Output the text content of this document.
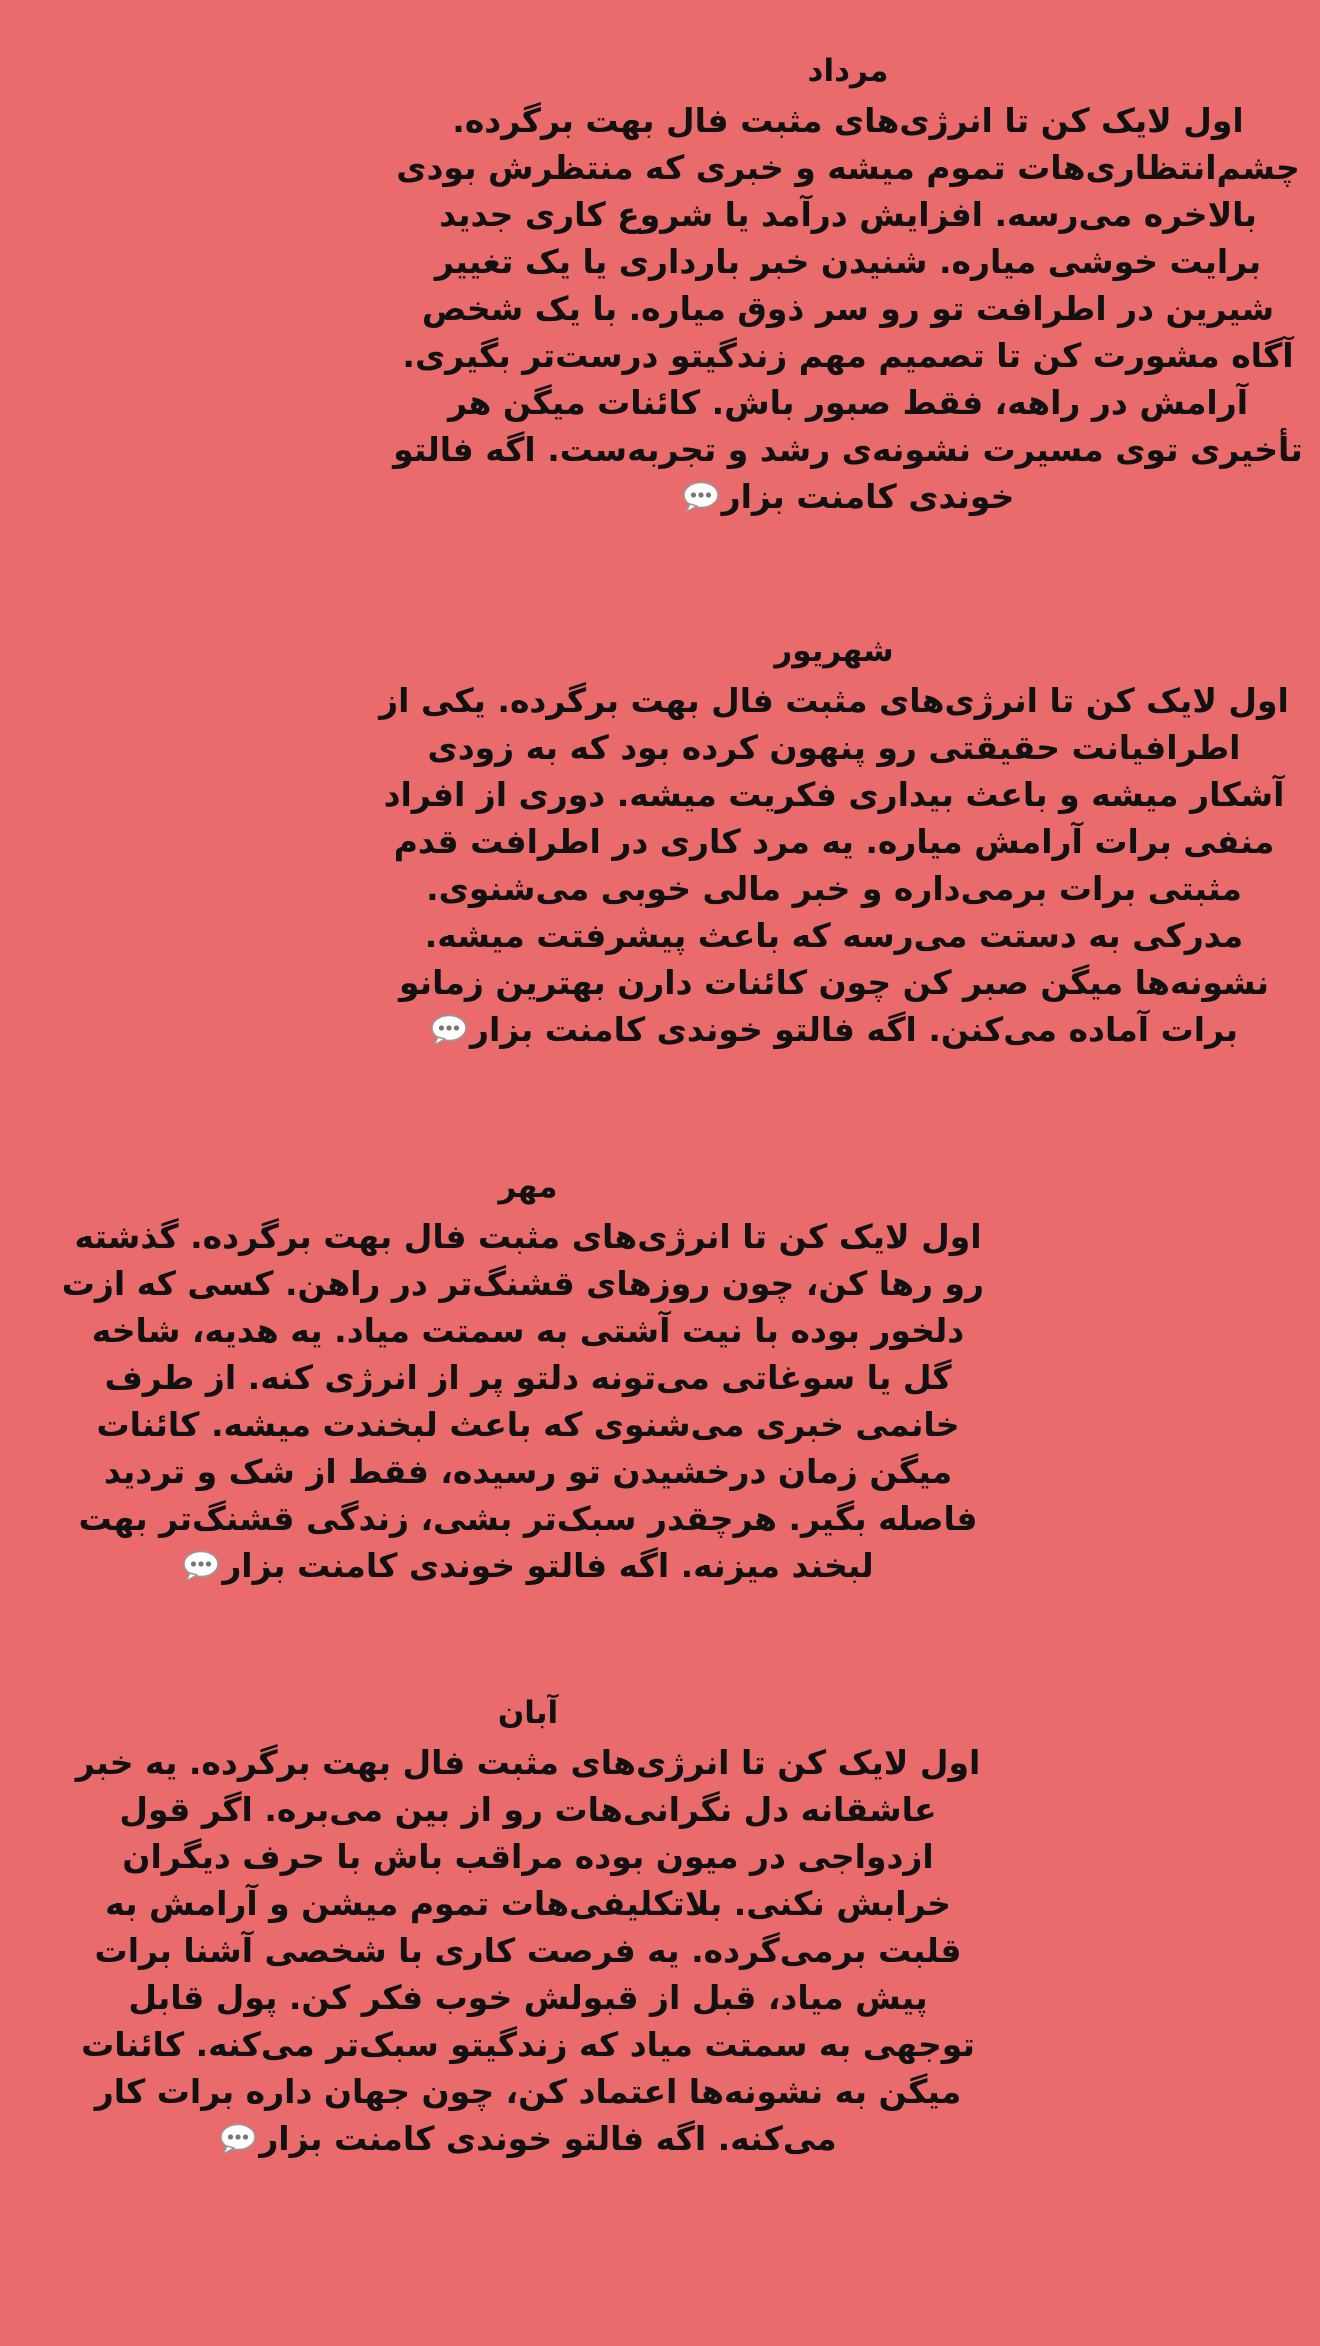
مرداد

اول لایک کن تا انرژی‌های مثبت فال بهت برگرده.
چشم‌انتظاری‌هات تموم میشه و خبری که منتظرش بودی
بالاخره می‌رسه. افزایش درآمد یا شروع کاری جدید
برایت خوشی میاره. شنیدن خبر بارداری یا یک تغییر
شیرین در اطرافت تو رو سر ذوق میاره. با یک شخص
آگاه مشورت کن تا تصمیم مهم زندگیتو درست‌تر بگیری.
آرامش در راهه، فقط صبور باش. کائنات میگن هر
تأخیری توی مسیرت نشونه‌ی رشد و تجربه‌ست. اگه فالتو
خوندی کامنت بزار

شهریور

اول لایک کن تا انرژی‌های مثبت فال بهت برگرده. یکی از
اطرافیانت حقیقتی رو پنهون کرده بود که به زودی
آشکار میشه و باعث بیداری فکریت میشه. دوری از افراد
منفی برات آرامش میاره. یه مرد کاری در اطرافت قدم
مثبتی برات برمی‌داره و خبر مالی خوبی می‌شنوی.
مدرکی به دستت می‌رسه که باعث پیشرفتت میشه.
نشونه‌ها میگن صبر کن چون کائنات دارن بهترین زمانو
برات آماده می‌کنن. اگه فالتو خوندی کامنت بزار

مهر

اول لایک کن تا انرژی‌های مثبت فال بهت برگرده. گذشته
رو رها کن، چون روزهای قشنگ‌تر در راهن. کسی که ازت
دلخور بوده با نیت آشتی به سمتت میاد. یه هدیه، شاخه
گل یا سوغاتی می‌تونه دلتو پر از انرژی کنه. از طرف
خانمی خبری می‌شنوی که باعث لبخندت میشه. کائنات
میگن زمان درخشیدن تو رسیده، فقط از شک و تردید
فاصله بگیر. هرچقدر سبک‌تر بشی، زندگی قشنگ‌تر بهت
لبخند میزنه. اگه فالتو خوندی کامنت بزار

آبان

اول لایک کن تا انرژی‌های مثبت فال بهت برگرده. یه خبر
عاشقانه دل نگرانی‌هات رو از بین می‌بره. اگر قول
ازدواجی در میون بوده مراقب باش با حرف دیگران
خرابش نکنی. بلاتکلیفی‌هات تموم میشن و آرامش به
قلبت برمی‌گرده. یه فرصت کاری با شخصی آشنا برات
پیش میاد، قبل از قبولش خوب فکر کن. پول قابل
توجهی به سمتت میاد که زندگیتو سبک‌تر می‌کنه. کائنات
میگن به نشونه‌ها اعتماد کن، چون جهان داره برات کار
می‌کنه. اگه فالتو خوندی کامنت بزار
